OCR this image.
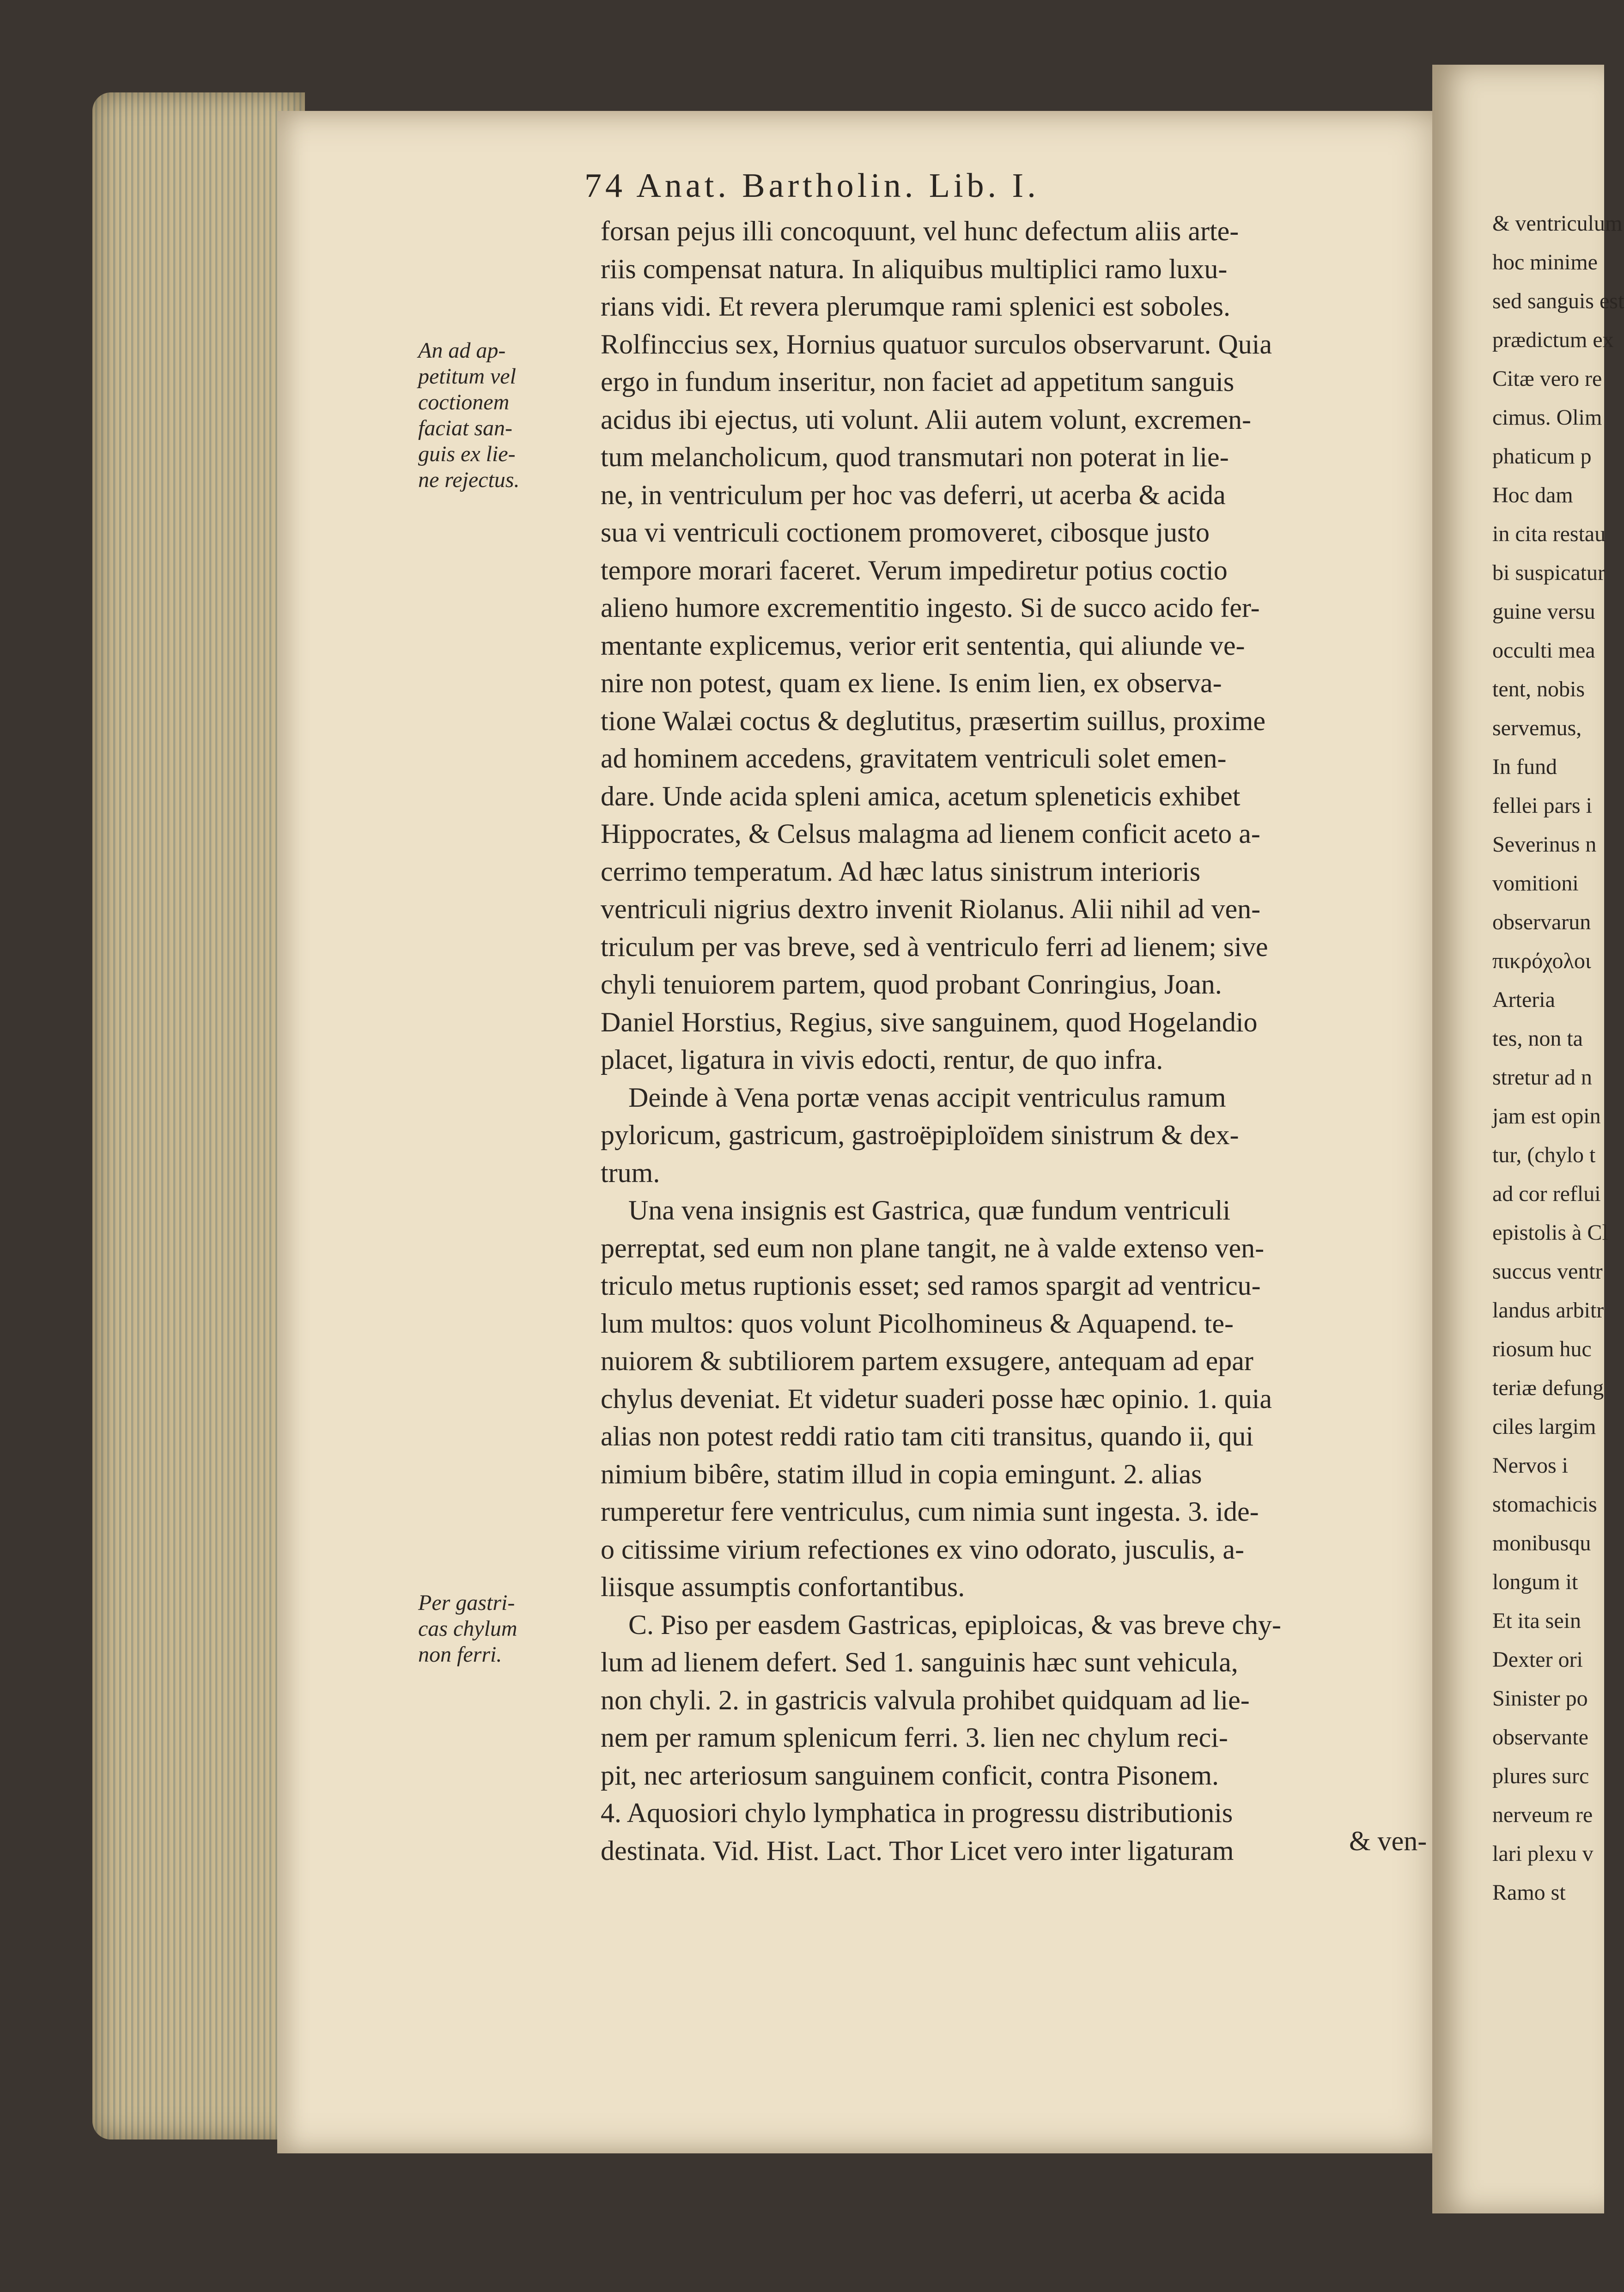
& ventriculum
hoc minime
sed sanguis est
prædictum ex
Citæ vero re
cimus. Olim
phaticum p
Hoc dam
in cita restau
bi suspicatur
guine versu
occulti mea
tent, nobis
servemus,
In fund
fellei pars i
Severinus n
vomitioni
observarun
πικρόχολοι
Arteria
tes, non ta
stretur ad n
jam est opin
tur, (chylo t
ad cor reflui
epistolis à Cl
succus ventr
landus arbitr
riosum huc
teriæ defung
ciles largim
Nervos i
stomachicis
monibusqu
longum it
Et ita sein
Dexter ori
Sinister po
observante
plures surc
nerveum re
lari plexu v
Ramo st
74 Anat. Bartholin. Lib. I.
forsan pejus illi concoquunt, vel hunc defectum aliis arte-
riis compensat natura. In aliquibus multiplici ramo luxu-
rians vidi. Et revera plerumque rami splenici est soboles.
Rolfinccius sex, Hornius quatuor surculos observarunt. Quia
ergo in fundum inseritur, non faciet ad appetitum sanguis
acidus ibi ejectus, uti volunt. Alii autem volunt, excremen-
tum melancholicum, quod transmutari non poterat in lie-
ne, in ventriculum per hoc vas deferri, ut acerba & acida
sua vi ventriculi coctionem promoveret, cibosque justo
tempore morari faceret. Verum impediretur potius coctio
alieno humore excrementitio ingesto. Si de succo acido fer-
mentante explicemus, verior erit sententia, qui aliunde ve-
nire non potest, quam ex liene. Is enim lien, ex observa-
tione Walæi coctus & deglutitus, præsertim suillus, proxime
ad hominem accedens, gravitatem ventriculi solet emen-
dare. Unde acida spleni amica, acetum spleneticis exhibet
Hippocrates, & Celsus malagma ad lienem conficit aceto a-
cerrimo temperatum. Ad hæc latus sinistrum interioris
ventriculi nigrius dextro invenit Riolanus. Alii nihil ad ven-
triculum per vas breve, sed à ventriculo ferri ad lienem; sive
chyli tenuiorem partem, quod probant Conringius, Joan.
Daniel Horstius, Regius, sive sanguinem, quod Hogelandio
placet, ligatura in vivis edocti, rentur, de quo infra.
Deinde à Vena portæ venas accipit ventriculus ramum
pyloricum, gastricum, gastroëpiploïdem sinistrum & dex-
trum.
Una vena insignis est Gastrica, quæ fundum ventriculi
perreptat, sed eum non plane tangit, ne à valde extenso ven-
triculo metus ruptionis esset; sed ramos spargit ad ventricu-
lum multos: quos volunt Picolhomineus & Aquapend. te-
nuiorem & subtiliorem partem exsugere, antequam ad epar
chylus deveniat. Et videtur suaderi posse hæc opinio. 1. quia
alias non potest reddi ratio tam citi transitus, quando ii, qui
nimium bibêre, statim illud in copia emingunt. 2. alias
rumperetur fere ventriculus, cum nimia sunt ingesta. 3. ide-
o citissime virium refectiones ex vino odorato, jusculis, a-
liisque assumptis confortantibus.
C. Piso per easdem Gastricas, epiploicas, & vas breve chy-
lum ad lienem defert. Sed 1. sanguinis hæc sunt vehicula,
non chyli. 2. in gastricis valvula prohibet quidquam ad lie-
nem per ramum splenicum ferri. 3. lien nec chylum reci-
pit, nec arteriosum sanguinem conficit, contra Pisonem.
4. Aquosiori chylo lymphatica in progressu distributionis
destinata. Vid. Hist. Lact. Thor Licet vero inter ligaturam
An ad ap-
petitum vel
coctionem
faciat san-
guis ex lie-
ne rejectus.
Per gastri-
cas chylum
non ferri.
& ven-
